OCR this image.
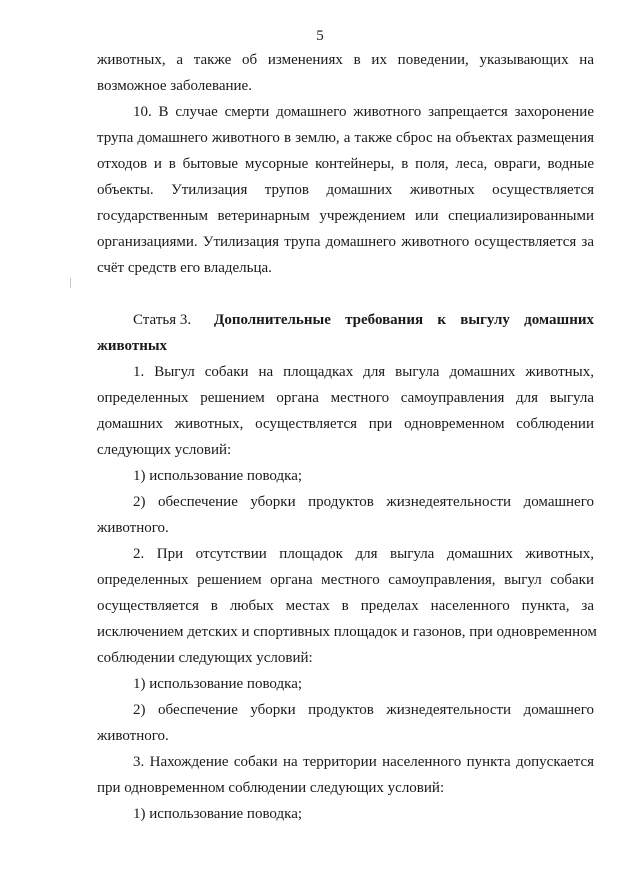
5
животных, а также об изменениях в их поведении, указывающих на
возможное заболевание.
10. В случае смерти домашнего животного запрещается захоронение
трупа домашнего животного в землю, а также сброс на объектах размещения
отходов и в бытовые мусорные контейнеры, в поля, леса, овраги, водные
объекты. Утилизация трупов домашних животных осуществляется
государственным ветеринарным учреждением или специализированными
организациями. Утилизация трупа домашнего животного осуществляется за
счёт средств его владельца.
Статья 3. Дополнительные требования к выгулу домашних
животных
1. Выгул собаки на площадках для выгула домашних животных,
определенных решением органа местного самоуправления для выгула
домашних животных, осуществляется при одновременном соблюдении
следующих условий:
1) использование поводка;
2) обеспечение уборки продуктов жизнедеятельности домашнего
животного.
2. При отсутствии площадок для выгула домашних животных,
определенных решением органа местного самоуправления, выгул собаки
осуществляется в любых местах в пределах населенного пункта, за
исключением детских и спортивных площадок и газонов, при одновременном
соблюдении следующих условий:
1) использование поводка;
2) обеспечение уборки продуктов жизнедеятельности домашнего
животного.
3. Нахождение собаки на территории населенного пункта допускается
при одновременном соблюдении следующих условий:
1) использование поводка;
